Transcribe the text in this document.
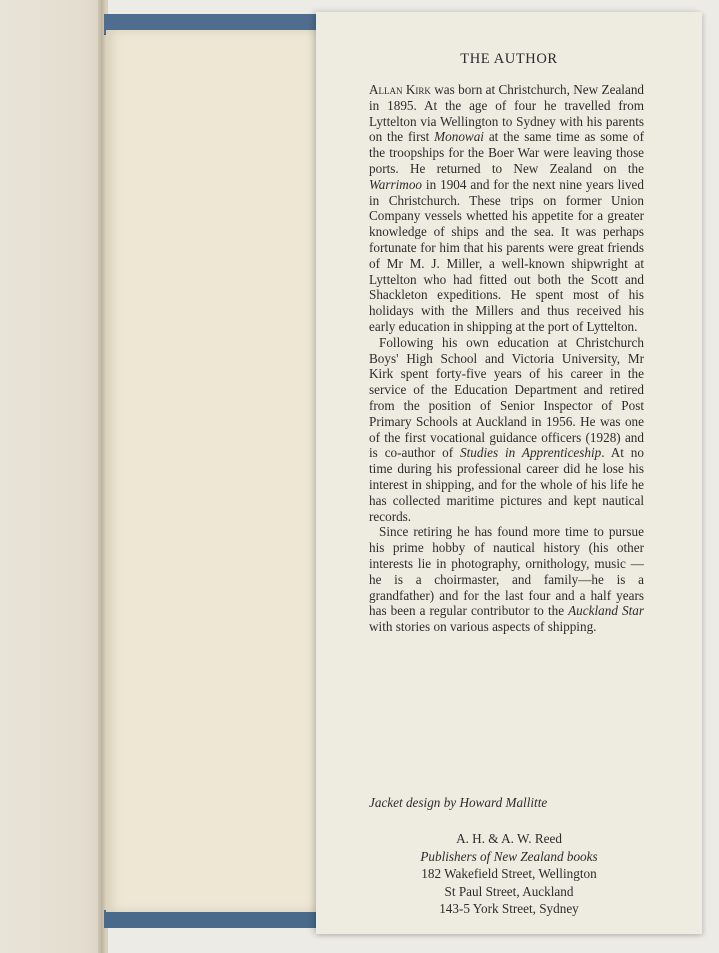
THE AUTHOR

Allan Kirk was born at Christchurch, New Zealand in 1895. At the age of four he travelled from Lyttelton via Wellington to Sydney with his parents on the first Monowai at the same time as some of the troopships for the Boer War were leaving those ports. He returned to New Zealand on the Warrimoo in 1904 and for the next nine years lived in Christchurch. These trips on former Union Company vessels whetted his appetite for a greater knowledge of ships and the sea. It was perhaps fortunate for him that his parents were great friends of Mr M. J. Miller, a well-known shipwright at Lyttelton who had fitted out both the Scott and Shackleton expeditions. He spent most of his holidays with the Millers and thus received his early education in shipping at the port of Lyttelton.

Following his own education at Christchurch Boys' High School and Victoria University, Mr Kirk spent forty-five years of his career in the service of the Education Department and retired from the position of Senior Inspector of Post Primary Schools at Auckland in 1956. He was one of the first vocational guidance officers (1928) and is co-author of Studies in Apprenticeship. At no time during his professional career did he lose his interest in shipping, and for the whole of his life he has collected maritime pictures and kept nautical records.

Since retiring he has found more time to pursue his prime hobby of nautical history (his other interests lie in photography, ornithology, music —he is a choirmaster, and family—he is a grandfather) and for the last four and a half years has been a regular contributor to the Auckland Star with stories on various aspects of shipping.

Jacket design by Howard Mallitte
A. H. & A. W. Reed
Publishers of New Zealand books
182 Wakefield Street, Wellington
St Paul Street, Auckland
143-5 York Street, Sydney
